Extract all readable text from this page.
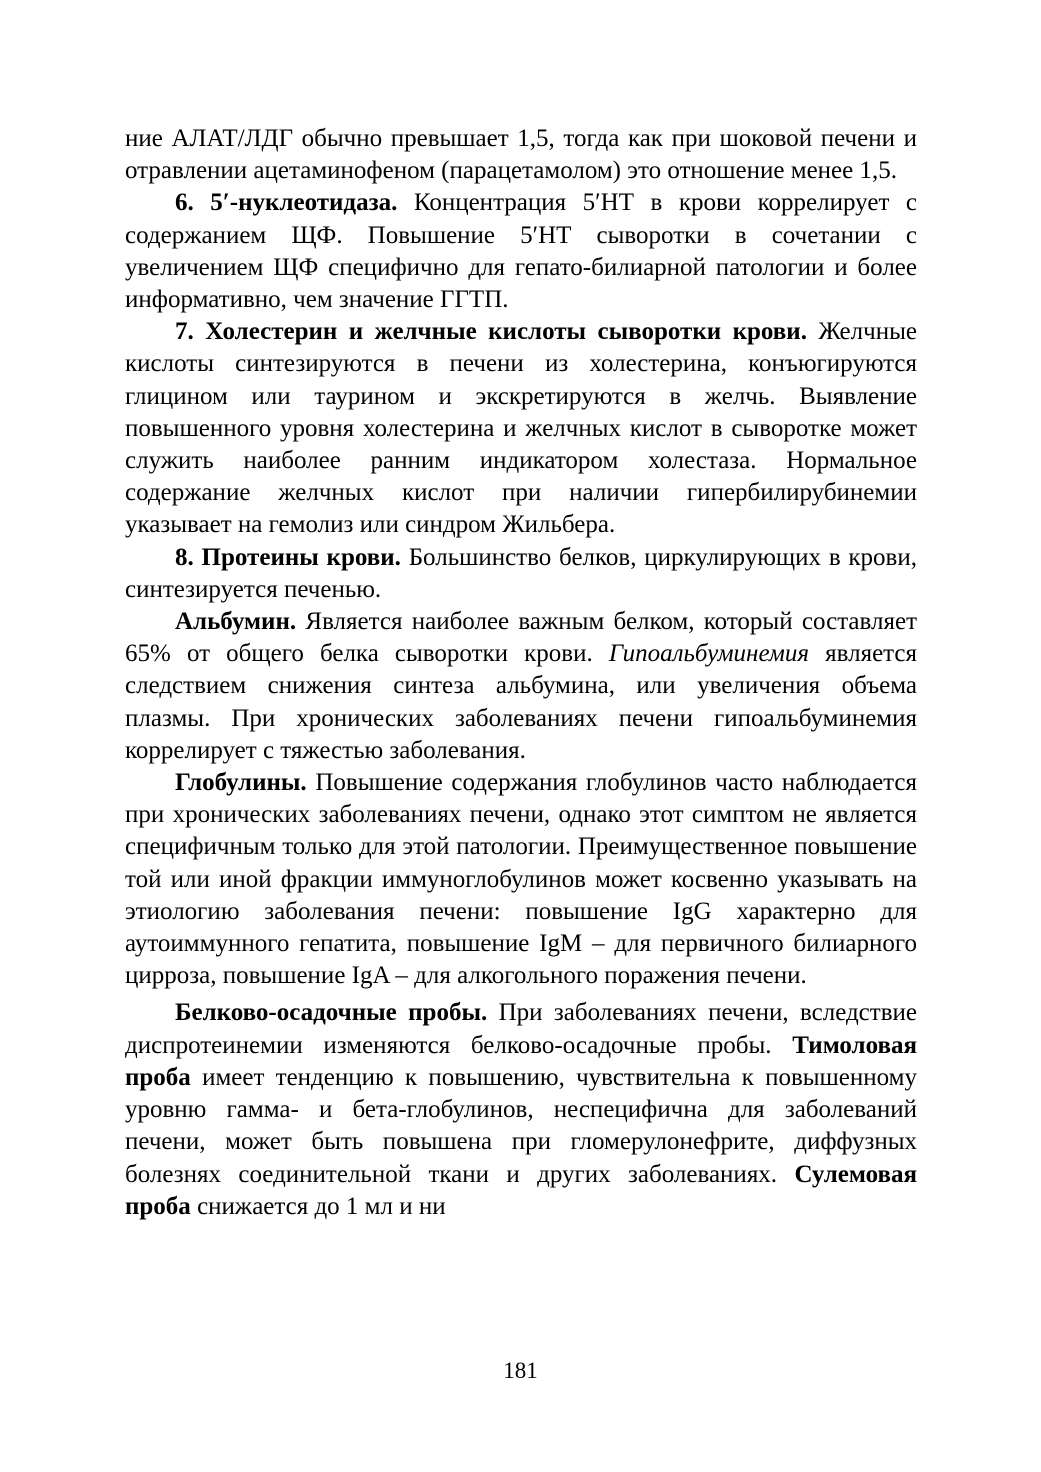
ние АЛАТ/ЛДГ обычно превышает 1,5, тогда как при шоковой печени и отравлении ацетаминофеном (парацетамолом) это отношение менее 1,5.

6. 5′-нуклеотидаза. Концентрация 5′НТ в крови коррелирует с содержанием ЩФ. Повышение 5′НТ сыворотки в сочетании с увеличением ЩФ специфично для гепато-билиарной патологии и более информативно, чем значение ГГТП.

7. Холестерин и желчные кислоты сыворотки крови. Желчные кислоты синтезируются в печени из холестерина, конъюгируются глицином или таурином и экскретируются в желчь. Выявление повышенного уровня холестерина и желчных кислот в сыворотке может служить наиболее ранним индикатором холестаза. Нормальное содержание желчных кислот при наличии гипербилирубинемии указывает на гемолиз или синдром Жильбера.

8. Протеины крови. Большинство белков, циркулирующих в крови, синтезируется печенью.

Альбумин. Является наиболее важным белком, который составляет 65% от общего белка сыворотки крови. Гипоальбуминемия является следствием снижения синтеза альбумина, или увеличения объема плазмы. При хронических заболеваниях печени гипоальбуминемия коррелирует с тяжестью заболевания.

Глобулины. Повышение содержания глобулинов часто наблюдается при хронических заболеваниях печени, однако этот симптом не является специфичным только для этой патологии. Преимущественное повышение той или иной фракции иммуноглобулинов может косвенно указывать на этиологию заболевания печени: повышение IgG характерно для аутоиммунного гепатита, повышение IgM – для первичного билиарного цирроза, повышение IgA – для алкогольного поражения печени.

Белково-осадочные пробы. При заболеваниях печени, вследствие диспротеинемии изменяются белково-осадочные пробы. Тимоловая проба имеет тенденцию к повышению, чувствительна к повышенному уровню гамма- и бета-глобулинов, неспецифична для заболеваний печени, может быть повышена при гломерулонефрите, диффузных болезнях соединительной ткани и других заболеваниях. Сулемовая проба снижается до 1 мл и ни

181
